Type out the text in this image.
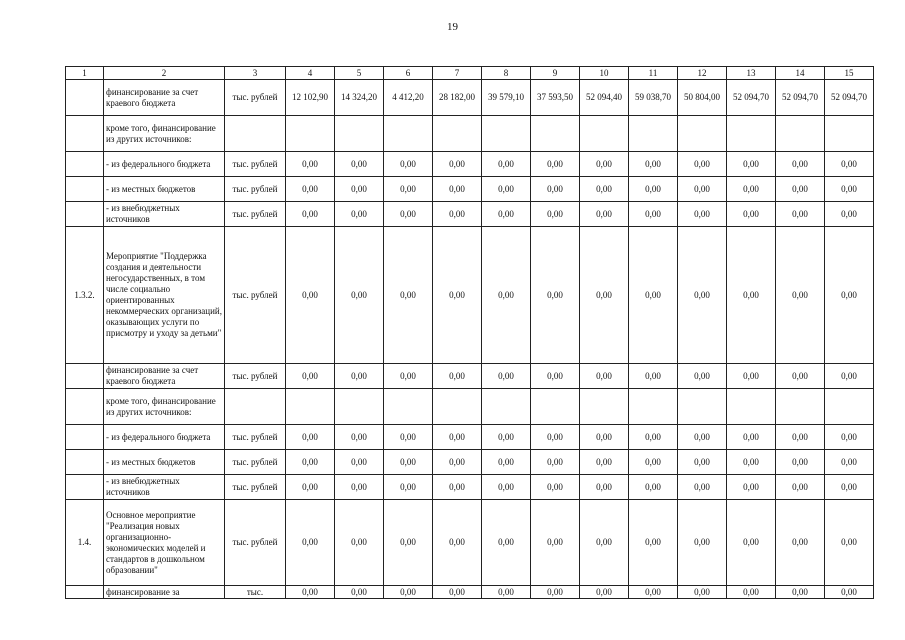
19
1	2	3	4	5	6	7	8	9	10	11	12	13	14	15
	финансирование за счет краевого бюджета	тыс. рублей	12 102,90	14 324,20	4 412,20	28 182,00	39 579,10	37 593,50	52 094,40	59 038,70	50 804,00	52 094,70	52 094,70	52 094,70
	кроме того, финансирование из других источников:													
	- из федерального бюджета	тыс. рублей	0,00	0,00	0,00	0,00	0,00	0,00	0,00	0,00	0,00	0,00	0,00	0,00
	- из местных бюджетов	тыс. рублей	0,00	0,00	0,00	0,00	0,00	0,00	0,00	0,00	0,00	0,00	0,00	0,00
	- из внебюджетных источников	тыс. рублей	0,00	0,00	0,00	0,00	0,00	0,00	0,00	0,00	0,00	0,00	0,00	0,00
1.3.2.	Мероприятие "Поддержка создания и деятельности негосударственных, в том числе социально ориентированных некоммерческих организаций, оказывающих услуги по присмотру и уходу за детьми"	тыс. рублей	0,00	0,00	0,00	0,00	0,00	0,00	0,00	0,00	0,00	0,00	0,00	0,00
	финансирование за счет краевого бюджета	тыс. рублей	0,00	0,00	0,00	0,00	0,00	0,00	0,00	0,00	0,00	0,00	0,00	0,00
	кроме того, финансирование из других источников:													
	- из федерального бюджета	тыс. рублей	0,00	0,00	0,00	0,00	0,00	0,00	0,00	0,00	0,00	0,00	0,00	0,00
	- из местных бюджетов	тыс. рублей	0,00	0,00	0,00	0,00	0,00	0,00	0,00	0,00	0,00	0,00	0,00	0,00
	- из внебюджетных источников	тыс. рублей	0,00	0,00	0,00	0,00	0,00	0,00	0,00	0,00	0,00	0,00	0,00	0,00
1.4.	Основное мероприятие "Реализация новых организационно-экономических моделей и стандартов в дошкольном образовании"	тыс. рублей	0,00	0,00	0,00	0,00	0,00	0,00	0,00	0,00	0,00	0,00	0,00	0,00
	финансирование за	тыс.	0,00	0,00	0,00	0,00	0,00	0,00	0,00	0,00	0,00	0,00	0,00	0,00
